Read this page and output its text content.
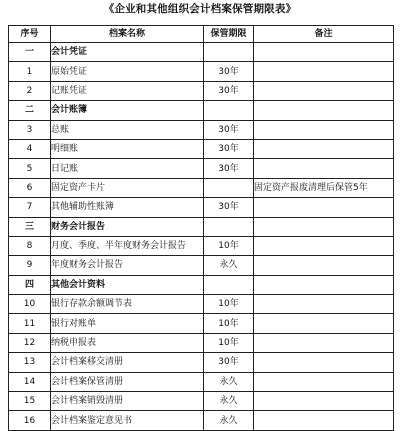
《企业和其他组织会计档案保管期限表》
序号	档案名称	保管期限	备注
一	会计凭证		
1	原始凭证	30年	
2	记账凭证	30年	
二	会计账簿		
3	总账	30年	
4	明细账	30年	
5	日记账	30年	
6	固定资产卡片		固定资产报废清理后保管5年
7	其他辅助性账簿	30年	
三	财务会计报告		
8	月度、季度、半年度财务会计报告	10年	
9	年度财务会计报告	永久	
四	其他会计资料		
10	银行存款余额调节表	10年	
11	银行对账单	10年	
12	纳税申报表	10年	
13	会计档案移交清册	30年	
14	会计档案保管清册	永久	
15	会计档案销毁清册	永久	
16	会计档案鉴定意见书	永久	
